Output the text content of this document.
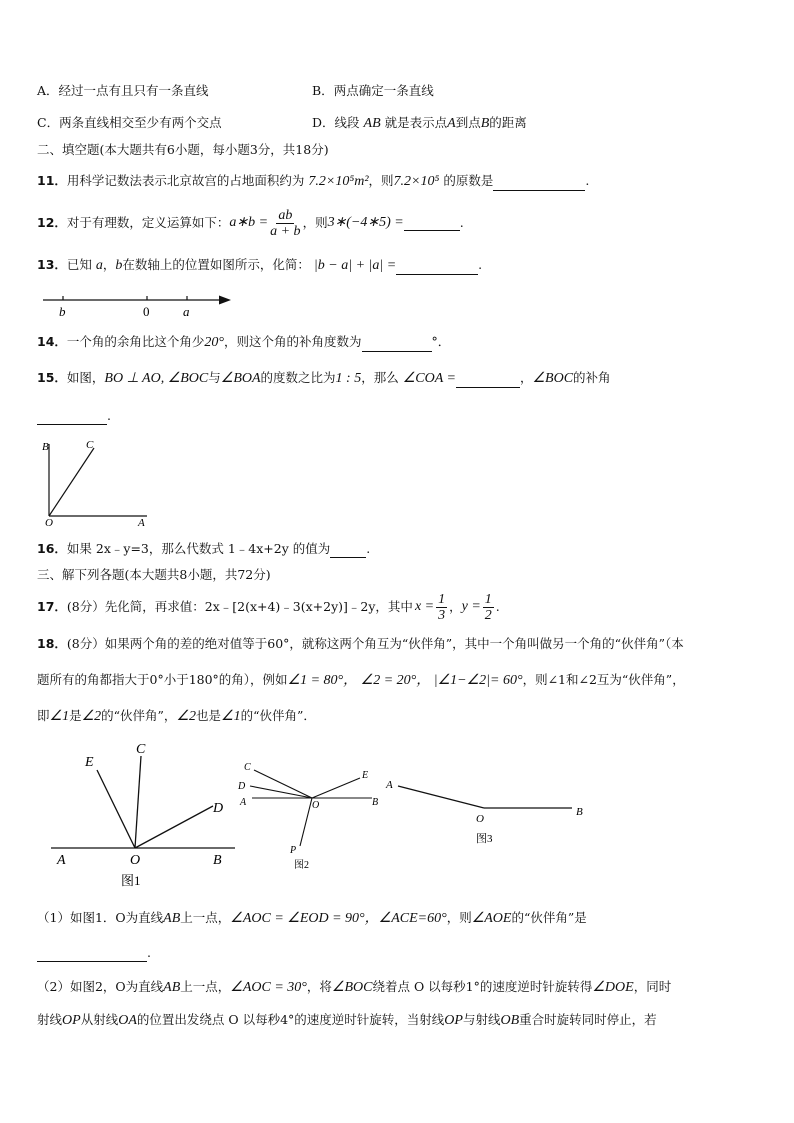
A．经过一点有且只有一条直线	B．两点确定一条直线
C．两条直线相交至少有两个交点	D．线段 AB 就是表示点A到点B的距离
二、填空题(本大题共有6小题，每小题3分，共18分)
11．用科学记数法表示北京故宫的占地面积约为 7.2×10⁵m²，则7.2×10⁵ 的原数是	.
12． 对于有理数，定义运算如下： a∗b = $\frac{ab}{a + b}$ ，则 3∗(−4∗5) =	.
13．已知 a，b在数轴上的位置如图所示，化简： |b − a| + |a| =	.
b	0	a
14．一个角的余角比这个角少20°，则这个角的补角度数为	°．
15．如图，BO ⊥ AO, ∠BOC与∠BOA的度数之比为1 : 5，那么 ∠COA =	，∠BOC的补角
.
B	C
O	A
16．如果 2x﹣y=3，那么代数式 1﹣4x+2y 的值为	.
三、解下列各题(本大题共8小题，共72分)
17． (8分）先化简，再求值：2x﹣[2(x+4)﹣3(x+2y)]﹣2y，其中 $x = \frac{1}{3}$ ， $y = \frac{1}{2}$ .
18．(8分）如果两个角的差的绝对值等于60°，就称这两个角互为“伙伴角”，其中一个角叫做另一个角的“伙伴角”（本
题所有的角都指大于0°小于180°的角），例如∠1 = 80°， ∠2 = 20°， |∠1−∠2|= 60°，则∠1和∠2互为“伙伴角”，
即∠1是∠2的“伙伴角”，∠2也是∠1的“伙伴角”．
A	O	B
E
C
D
图1
C
D
A	O
E
B
P
图2
A
O
B
图3
（1）如图1．O为直线AB上一点，∠AOC = ∠EOD = 90°，∠ACE=60°，则∠AOE的“伙伴角”是
.
（2）如图2，O为直线AB上一点，∠AOC = 30°，将∠BOC绕着点 O 以每秒1°的速度逆时针旋转得∠DOE，同时
射线OP从射线OA的位置出发绕点 O 以每秒4°的速度逆时针旋转，当射线OP与射线OB重合时旋转同时停止，若
